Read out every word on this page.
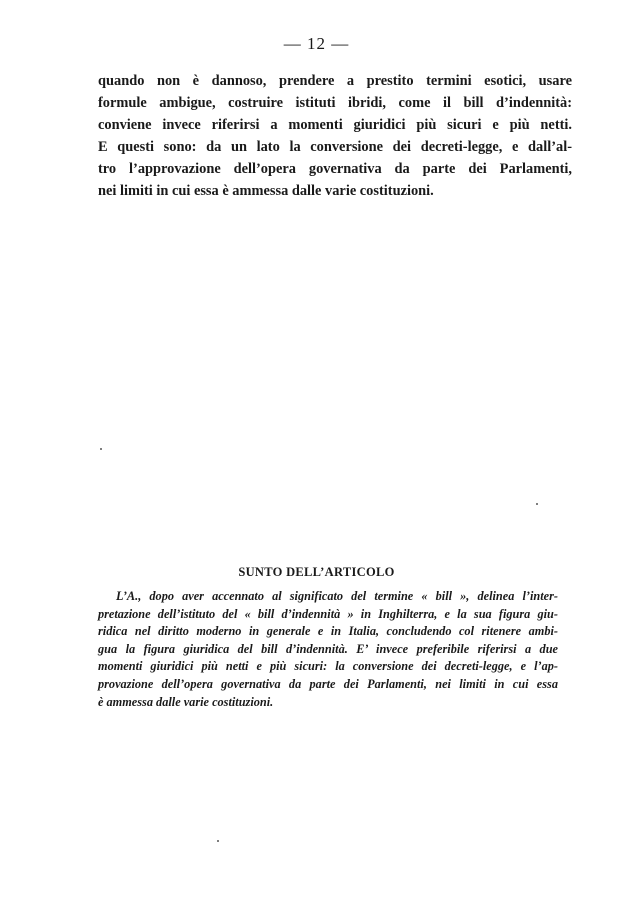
— 12 —
quando non è dannoso, prendere a prestito termini esotici, usare
formule ambigue, costruire istituti ibridi, come il bill d’indennità:
conviene invece riferirsi a momenti giuridici più sicuri e più netti.
E questi sono: da un lato la conversione dei decreti-legge, e dall’al-
tro l’approvazione dell’opera governativa da parte dei Parlamenti,
nei limiti in cui essa è ammessa dalle varie costituzioni.
SUNTO DELL’ARTICOLO
L’A., dopo aver accennato al significato del termine « bill », delinea l’inter-
pretazione dell’istituto del « bill d’indennità » in Inghilterra, e la sua figura giu-
ridica nel diritto moderno in generale e in Italia, concludendo col ritenere ambi-
gua la figura giuridica del bill d’indennità. E’ invece preferibile riferirsi a due
momenti giuridici più netti e più sicuri: la conversione dei decreti-legge, e l’ap-
provazione dell’opera governativa da parte dei Parlamenti, nei limiti in cui essa
è ammessa dalle varie costituzioni.
